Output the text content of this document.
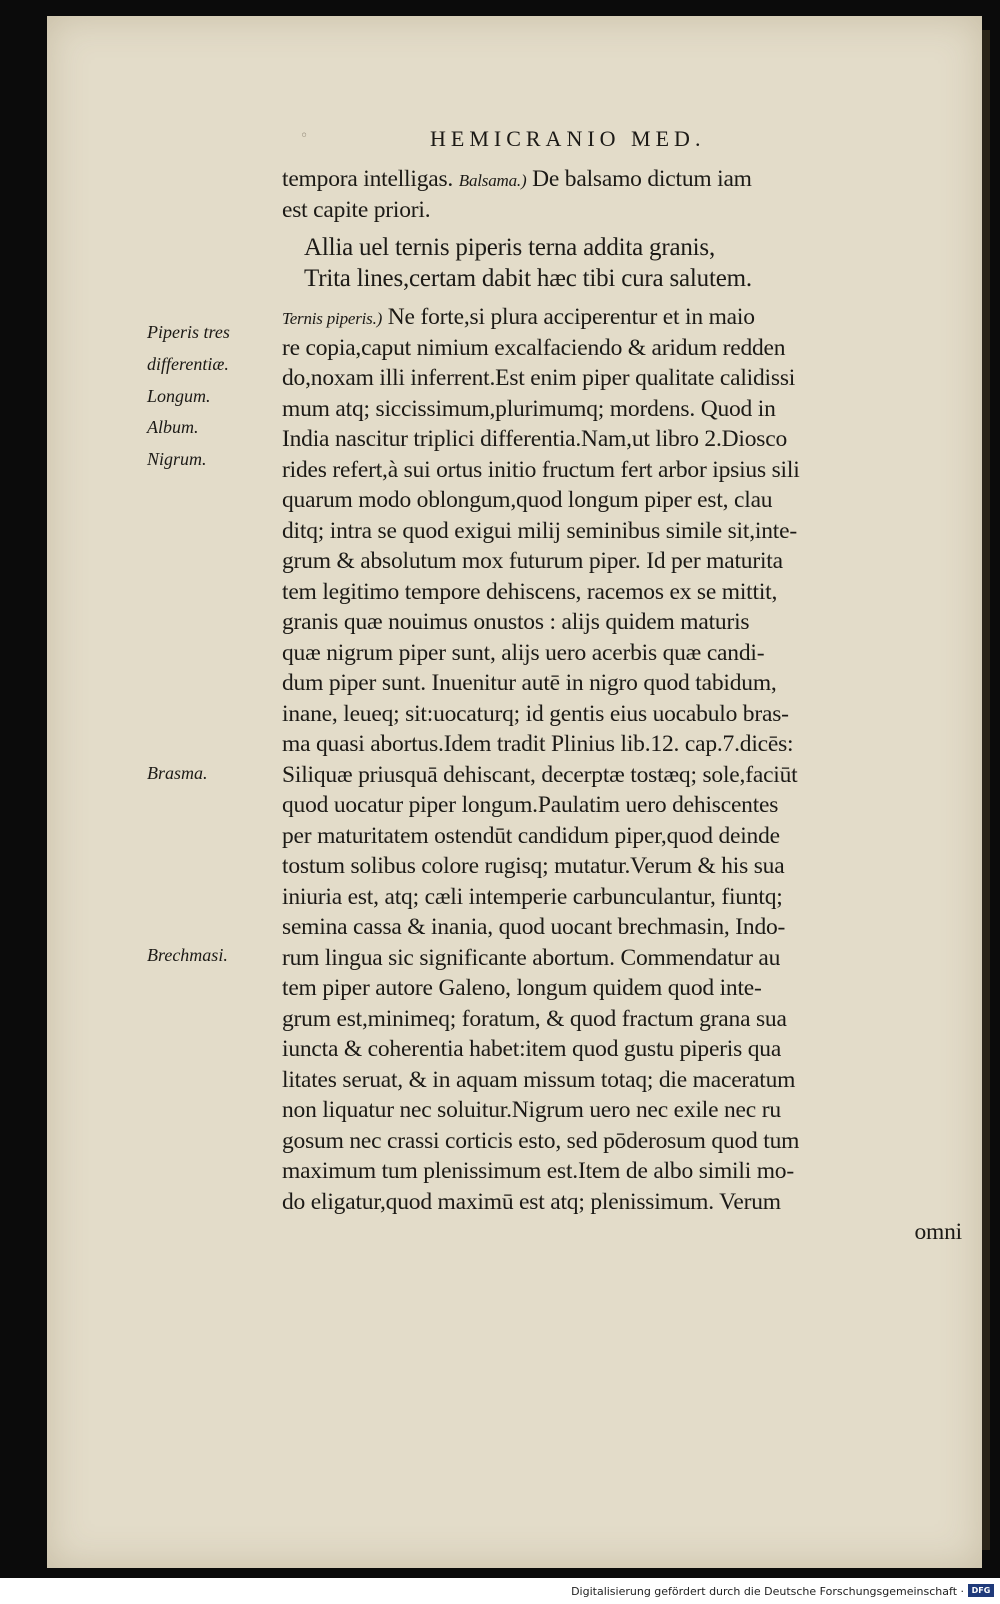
◦	HEMICRANIO MED.
Piperis tres
differentiæ.
Longum.
Album.
Nigrum.
Brasma.
Brechmasi.
tempora intelligas. Balsama.) De balsamo dictum iam
est capite priori.
Allia uel ternis piperis terna addita granis,
Trita lines,certam dabit hæc tibi cura salutem.
Ternis piperis.) Ne forte,si plura acciperentur et in maio
re copia,caput nimium excalfaciendo & aridum redden
do,noxam illi inferrent.Est enim piper qualitate calidissi
mum atq; siccissimum,plurimumq; mordens. Quod in
India nascitur triplici differentia.Nam,ut libro 2.Diosco
rides refert,à sui ortus initio fructum fert arbor ipsius sili
quarum modo oblongum,quod longum piper est, clau
ditq; intra se quod exigui milij seminibus simile sit,inte-
grum & absolutum mox futurum piper. Id per maturita
tem legitimo tempore dehiscens, racemos ex se mittit,
granis quæ nouimus onustos : alijs quidem maturis
quæ nigrum piper sunt, alijs uero acerbis quæ candi-
dum piper sunt. Inuenitur autē in nigro quod tabidum,
inane, leueq; sit:uocaturq; id gentis eius uocabulo bras-
ma quasi abortus.Idem tradit Plinius lib.12. cap.7.dicēs:
Siliquæ priusquā dehiscant, decerptæ tostæq; sole,faciūt
quod uocatur piper longum.Paulatim uero dehiscentes
per maturitatem ostendūt candidum piper,quod deinde
tostum solibus colore rugisq; mutatur.Verum & his sua
iniuria est, atq; cæli intemperie carbunculantur, fiuntq;
semina cassa & inania, quod uocant brechmasin, Indo-
rum lingua sic significante abortum. Commendatur au
tem piper autore Galeno, longum quidem quod inte-
grum est,minimeq; foratum, & quod fractum grana sua
iuncta & coherentia habet:item quod gustu piperis qua
litates seruat, & in aquam missum totaq; die maceratum
non liquatur nec soluitur.Nigrum uero nec exile nec ru
gosum nec crassi corticis esto, sed pōderosum quod tum
maximum tum plenissimum est.Item de albo simili mo-
do eligatur,quod maximū est atq; plenissimum. Verum
omni
Digitalisierung gefördert durch die Deutsche Forschungsgemeinschaft · DFG
